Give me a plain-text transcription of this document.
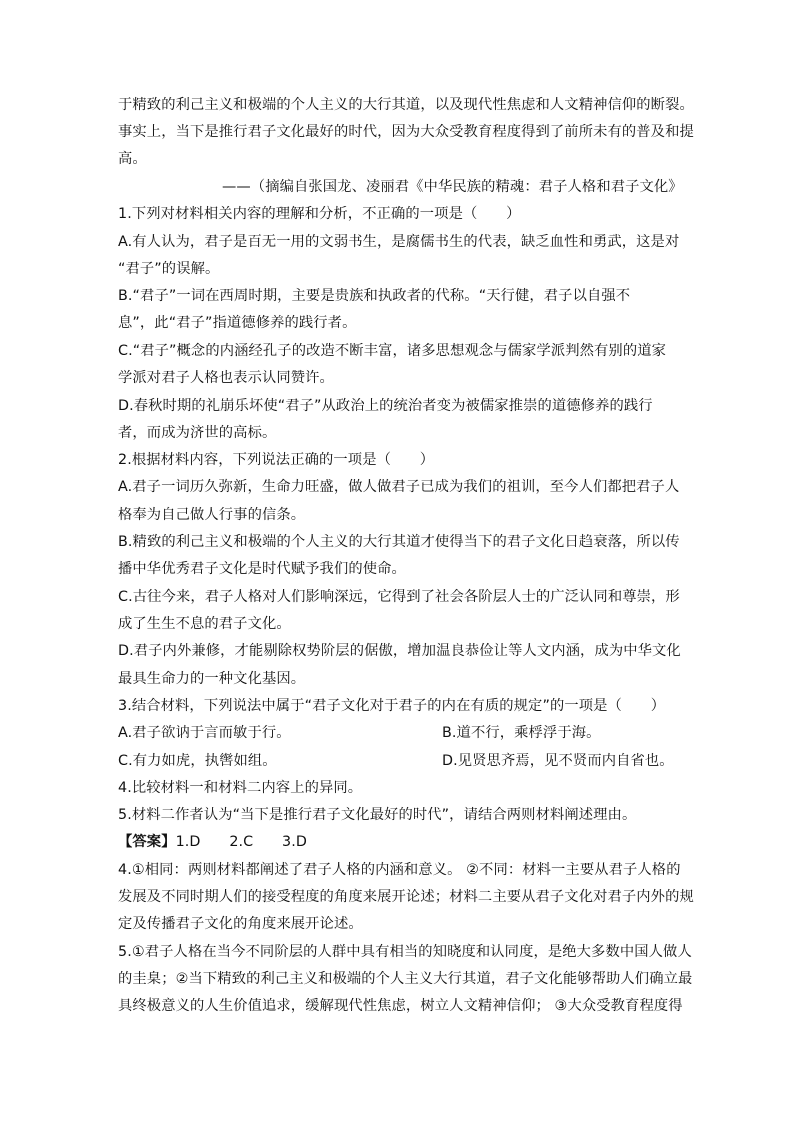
于精致的利己主义和极端的个人主义的大行其道，以及现代性焦虑和人文精神信仰的断裂。
事实上，当下是推行君子文化最好的时代，因为大众受教育程度得到了前所未有的普及和提
高。
——（摘编自张国龙、凌丽君《中华民族的精魂：君子人格和君子文化》
1.下列对材料相关内容的理解和分析，不正确的一项是（　　）
A.有人认为，君子是百无一用的文弱书生，是腐儒书生的代表，缺乏血性和勇武，这是对
“君子”的误解。
B.“君子”一词在西周时期，主要是贵族和执政者的代称。“天行健，君子以自强不
息”，此“君子”指道德修养的践行者。
C.“君子”概念的内涵经孔子的改造不断丰富，诸多思想观念与儒家学派判然有别的道家
学派对君子人格也表示认同赞许。
D.春秋时期的礼崩乐坏使“君子”从政治上的统治者变为被儒家推崇的道德修养的践行
者，而成为济世的高标。
2.根据材料内容，下列说法正确的一项是（　　）
A.君子一词历久弥新，生命力旺盛，做人做君子已成为我们的祖训，至今人们都把君子人
格奉为自己做人行事的信条。
B.精致的利己主义和极端的个人主义的大行其道才使得当下的君子文化日趋衰落，所以传
播中华优秀君子文化是时代赋予我们的使命。
C.古往今来，君子人格对人们影响深远，它得到了社会各阶层人士的广泛认同和尊崇，形
成了生生不息的君子文化。
D.君子内外兼修，才能剔除权势阶层的倨傲，增加温良恭俭让等人文内涵，成为中华文化
最具生命力的一种文化基因。
3.结合材料，下列说法中属于“君子文化对于君子的内在有质的规定”的一项是（　　）
A.君子欲讷于言而敏于行。	B.道不行，乘桴浮于海。
C.有力如虎，执辔如组。	D.见贤思齐焉，见不贤而内自省也。
4.比较材料一和材料二内容上的异同。
5.材料二作者认为“当下是推行君子文化最好的时代”，请结合两则材料阐述理由。
【答案】1.D　　2.C　　3.D
4.①相同：两则材料都阐述了君子人格的内涵和意义。 ②不同：材料一主要从君子人格的
发展及不同时期人们的接受程度的角度来展开论述；材料二主要从君子文化对君子内外的规
定及传播君子文化的角度来展开论述。
5.①君子人格在当今不同阶层的人群中具有相当的知晓度和认同度，是绝大多数中国人做人
的圭臬；②当下精致的利己主义和极端的个人主义大行其道，君子文化能够帮助人们确立最
具终极意义的人生价值追求，缓解现代性焦虑，树立人文精神信仰； ③大众受教育程度得
